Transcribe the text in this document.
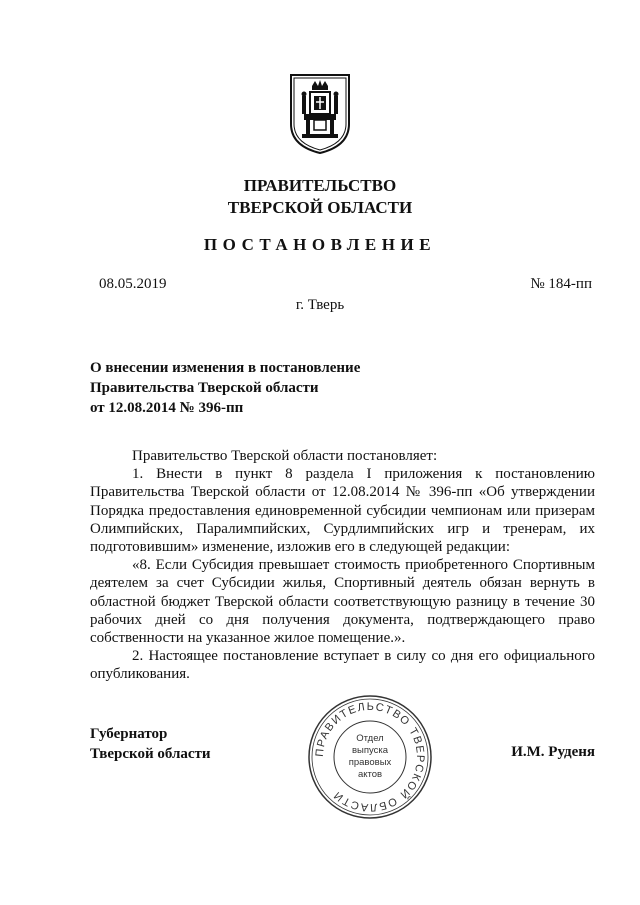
ПРАВИТЕЛЬСТВО
ТВЕРСКОЙ ОБЛАСТИ
ПОСТАНОВЛЕНИЕ
08.05.2019	№ 184-пп
г. Тверь
О внесении изменения в постановление
Правительства Тверской области
от 12.08.2014 № 396-пп

Правительство Тверской области постановляет:

1. Внести в пункт 8 раздела I приложения к постановлению Правительства Тверской области от 12.08.2014 № 396-пп «Об утверждении Порядка предоставления единовременной субсидии чемпионам или призерам Олимпийских, Паралимпийских, Сурдлимпийских игр и тренерам, их подготовившим» изменение, изложив его в следующей редакции:

«8. Если Субсидия превышает стоимость приобретенного Спортивным деятелем за счет Субсидии жилья, Спортивный деятель обязан вернуть в областной бюджет Тверской области соответствующую разницу в течение 30 рабочих дней со дня получения документа, подтверждающего право собственности на указанное жилое помещение.».

2. Настоящее постановление вступает в силу со дня его официального опубликования.

Губернатор
Тверской области	И.М. Руденя
ПРАВИТЕЛЬСТВО ТВЕРСКОЙ ОБЛАСТИ
Отдел
выпуска
правовых
актов
